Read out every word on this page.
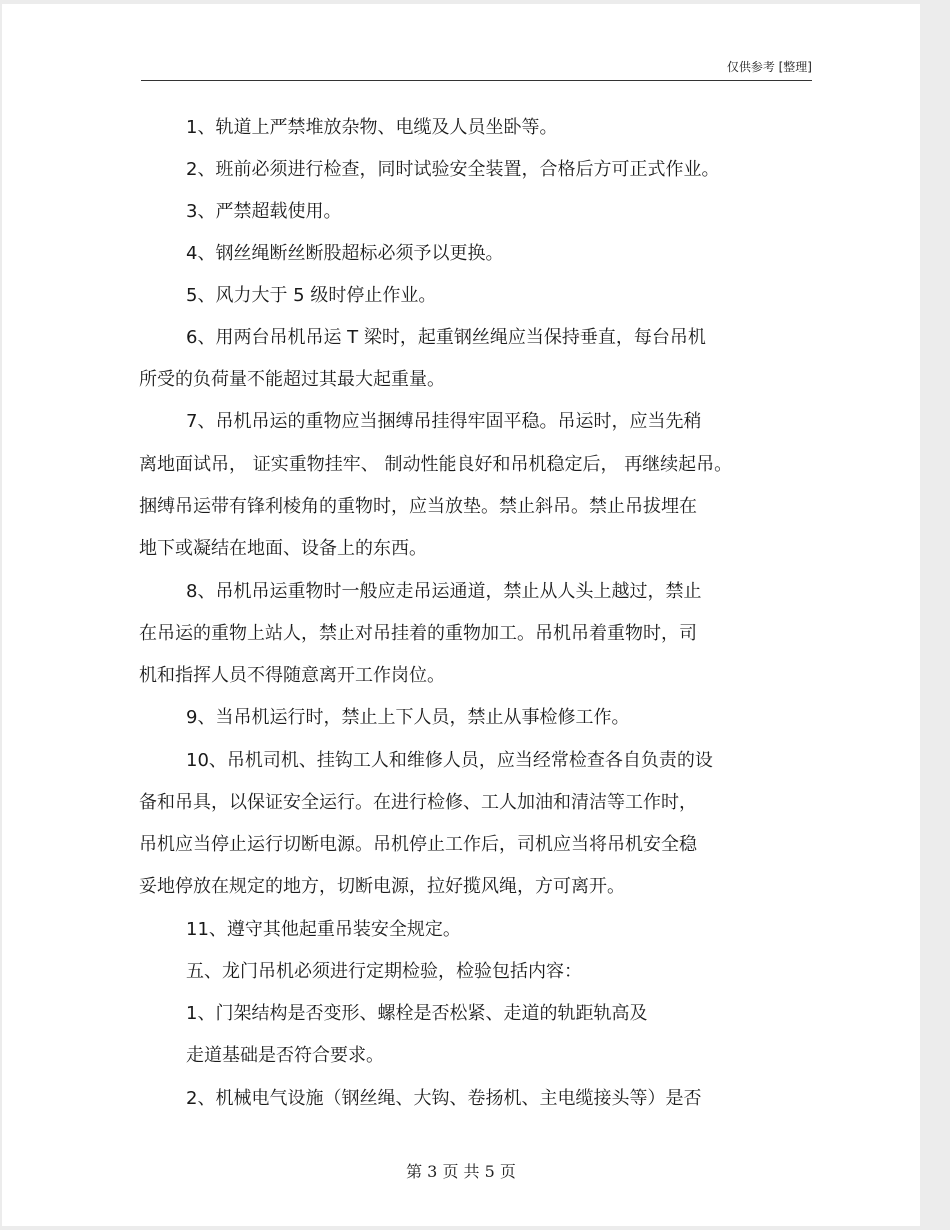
仅供参考 [整理]
1、轨道上严禁堆放杂物、电缆及人员坐卧等。
2、班前必须进行检查，同时试验安全装置，合格后方可正式作业。
3、严禁超载使用。
4、钢丝绳断丝断股超标必须予以更换。
5、风力大于 5 级时停止作业。
6、用两台吊机吊运 T 梁时，起重钢丝绳应当保持垂直，每台吊机
所受的负荷量不能超过其最大起重量。
7、吊机吊运的重物应当捆缚吊挂得牢固平稳。吊运时，应当先稍
离地面试吊， 证实重物挂牢、 制动性能良好和吊机稳定后， 再继续起吊。
捆缚吊运带有锋利棱角的重物时，应当放垫。禁止斜吊。禁止吊拔埋在
地下或凝结在地面、设备上的东西。
8、吊机吊运重物时一般应走吊运通道，禁止从人头上越过，禁止
在吊运的重物上站人，禁止对吊挂着的重物加工。吊机吊着重物时，司
机和指挥人员不得随意离开工作岗位。
9、当吊机运行时，禁止上下人员，禁止从事检修工作。
10、吊机司机、挂钩工人和维修人员，应当经常检查各自负责的设
备和吊具，以保证安全运行。在进行检修、工人加油和清洁等工作时，
吊机应当停止运行切断电源。吊机停止工作后，司机应当将吊机安全稳
妥地停放在规定的地方，切断电源，拉好揽风绳，方可离开。
11、遵守其他起重吊装安全规定。
五、龙门吊机必须进行定期检验，检验包括内容：
1、门架结构是否变形、螺栓是否松紧、走道的轨距轨高及
走道基础是否符合要求。
2、机械电气设施（钢丝绳、大钩、卷扬机、主电缆接头等）是否
第 3 页 共 5 页
